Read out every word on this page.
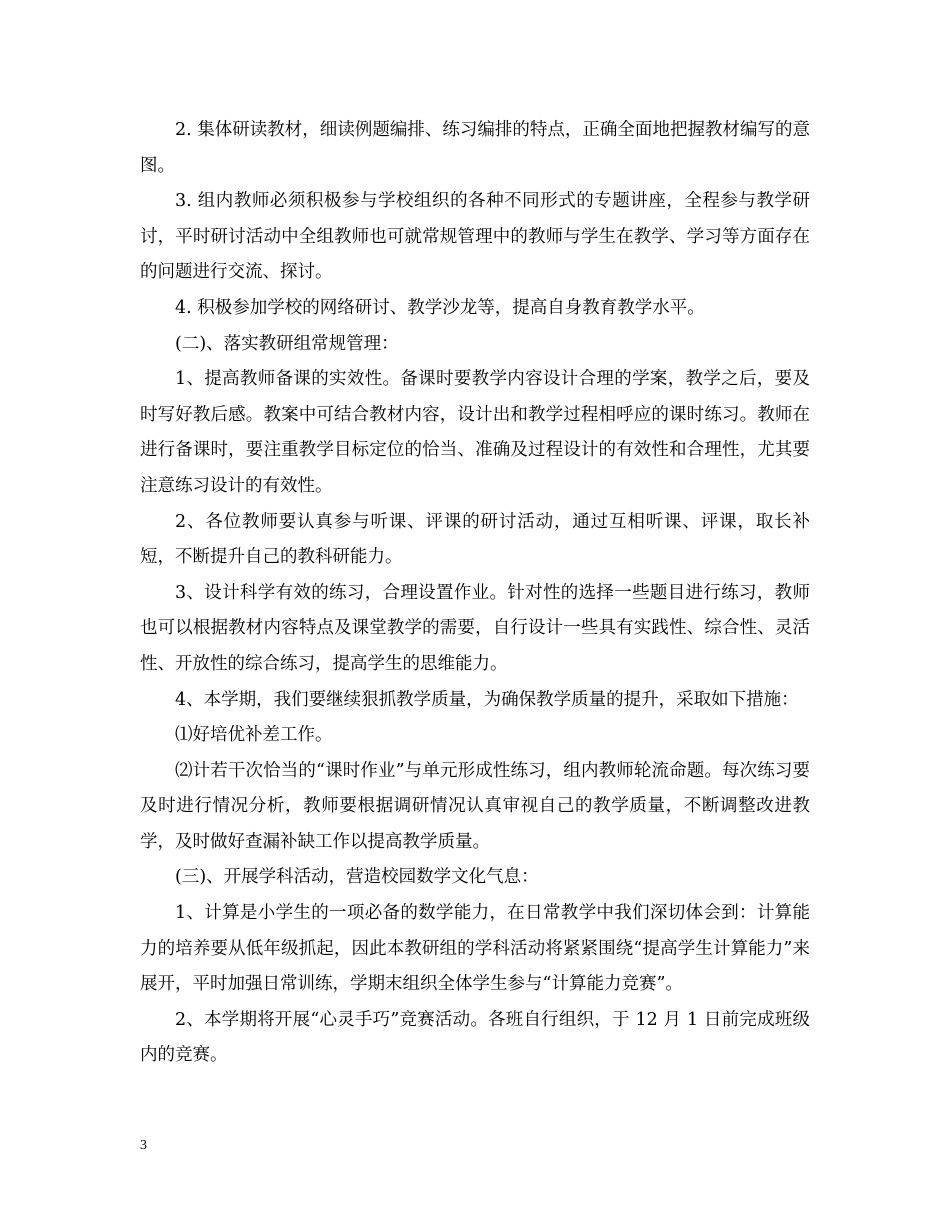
2. 集体研读教材，细读例题编排、练习编排的特点，正确全面地把握教材编写的意图。

3. 组内教师必须积极参与学校组织的各种不同形式的专题讲座，全程参与教学研讨，平时研讨活动中全组教师也可就常规管理中的教师与学生在教学、学习等方面存在的问题进行交流、探讨。

4. 积极参加学校的网络研讨、教学沙龙等，提高自身教育教学水平。

(二)、落实教研组常规管理：

1、提高教师备课的实效性。备课时要教学内容设计合理的学案，教学之后，要及时写好教后感。教案中可结合教材内容，设计出和教学过程相呼应的课时练习。教师在进行备课时，要注重教学目标定位的恰当、准确及过程设计的有效性和合理性，尤其要注意练习设计的有效性。

2、各位教师要认真参与听课、评课的研讨活动，通过互相听课、评课，取长补短，不断提升自己的教科研能力。

3、设计科学有效的练习，合理设置作业。针对性的选择一些题目进行练习，教师也可以根据教材内容特点及课堂教学的需要，自行设计一些具有实践性、综合性、灵活性、开放性的综合练习，提高学生的思维能力。

4、本学期，我们要继续狠抓教学质量，为确保教学质量的提升，采取如下措施：

⑴好培优补差工作。

⑵计若干次恰当的“课时作业”与单元形成性练习，组内教师轮流命题。每次练习要及时进行情况分析，教师要根据调研情况认真审视自己的教学质量，不断调整改进教学，及时做好查漏补缺工作以提高教学质量。

(三)、开展学科活动，营造校园数学文化气息：

1、计算是小学生的一项必备的数学能力，在日常教学中我们深切体会到：计算能力的培养要从低年级抓起，因此本教研组的学科活动将紧紧围绕“提高学生计算能力”来展开，平时加强日常训练，学期末组织全体学生参与“计算能力竞赛”。

2、本学期将开展“心灵手巧”竞赛活动。各班自行组织，于 12 月 1 日前完成班级内的竞赛。

3
